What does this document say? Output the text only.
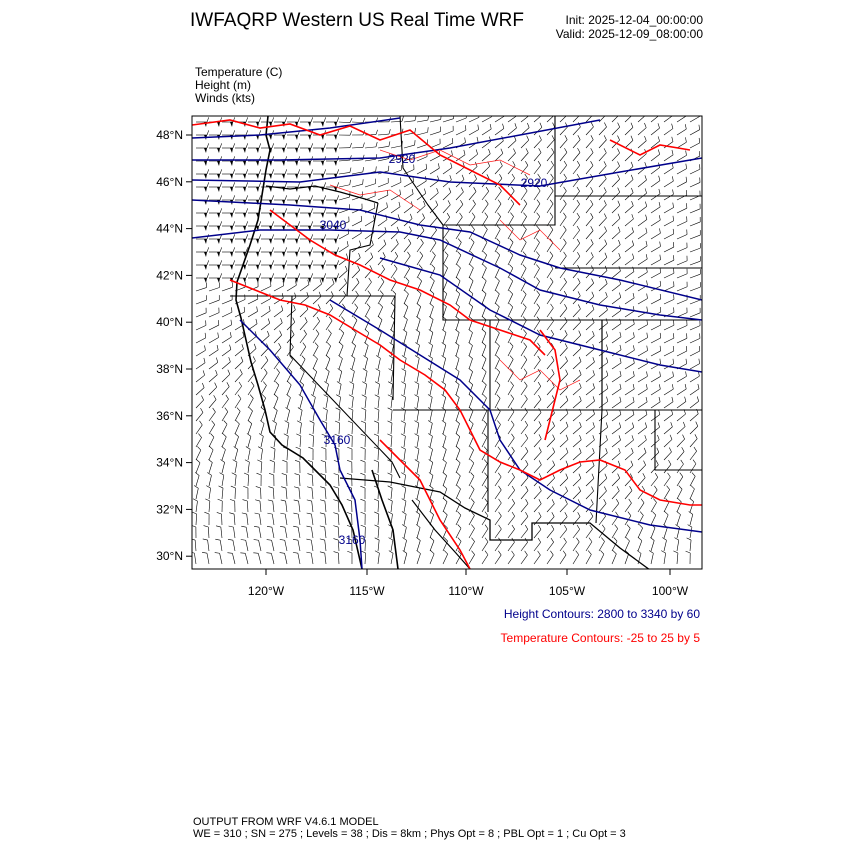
IWFAQRP Western US Real Time WRF	Init: 2025-12-04_00:00:00
Valid: 2025-12-09_08:00:00
Temperature (C)
Height (m)
Winds (kts)
48°N
46°N
44°N
42°N
40°N
38°N
36°N
34°N
32°N
30°N
120°W	115°W	110°W	105°W	100°W
2920
2920
3040
3160
3160
Height Contours: 2800 to 3340 by 60
Temperature Contours: -25 to 25 by 5
OUTPUT FROM WRF V4.6.1 MODEL
WE = 310 ; SN = 275 ; Levels = 38 ; Dis = 8km ; Phys Opt = 8 ; PBL Opt = 1 ; Cu Opt = 3
